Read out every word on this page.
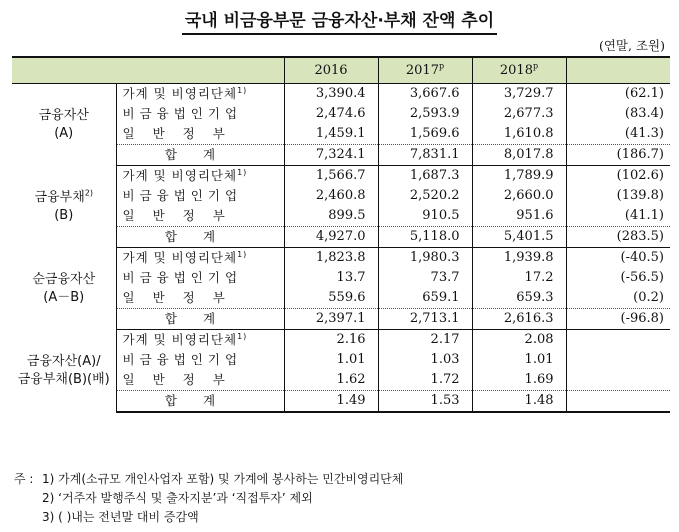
국내 비금융부문 금융자산·부채 잔액 추이
(연말, 조원)
		2016	2017$^p$	2018$^p$	

금융자산
(A)	가계 및 비영리단체$^{1)}$	3,390.4	3,667.6	3,729.7	(62.1)
	비금융법인기업	2,474.6	2,593.9	2,677.3	(83.4)
	일반정부	1,459.1	1,569.6	1,610.8	(41.3)
	합계	7,324.1	7,831.1	8,017.8	(186.7)

금융부채$^{2)}$
(B)	가계 및 비영리단체$^{1)}$	1,566.7	1,687.3	1,789.9	(102.6)
	비금융법인기업	2,460.8	2,520.2	2,660.0	(139.8)
	일반정부	899.5	910.5	951.6	(41.1)
	합계	4,927.0	5,118.0	5,401.5	(283.5)

순금융자산
(A－B)	가계 및 비영리단체$^{1)}$	1,823.8	1,980.3	1,939.8	(-40.5)
	비금융법인기업	13.7	73.7	17.2	(-56.5)
	일반정부	559.6	659.1	659.3	(0.2)
	합계	2,397.1	2,713.1	2,616.3	(-96.8)

금융자산(A)/
금융부채(B)(배)	가계 및 비영리단체$^{1)}$	2.16	2.17	2.08	
	비금융법인기업	1.01	1.03	1.01	
	일반정부	1.62	1.72	1.69	
	합계	1.49	1.53	1.48	
주 : 1) 가계(소규모 개인사업자 포함) 및 가계에 봉사하는 민간비영리단체
2) ‘거주자 발행주식 및 출자지분’과 ‘직접투자’ 제외
3) ( )내는 전년말 대비 증감액
